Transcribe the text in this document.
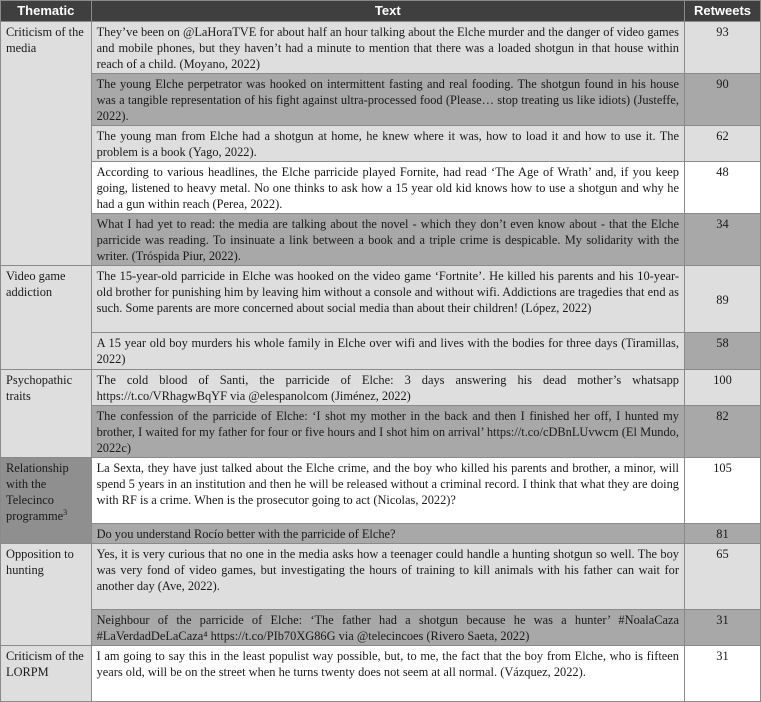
Thematic	Text	Retweets
Criticism of the media	They’ve been on @LaHoraTVE for about half an hour talking about the Elche murder and the danger of video games and mobile phones, but they haven’t had a minute to mention that there was a loaded shotgun in that house within reach of a child. (Moyano, 2022)	93
	The young Elche perpetrator was hooked on intermittent fasting and real fooding. The shotgun found in his house was a tangible representation of his fight against ultra-processed food (Please… stop treating us like idiots) (Justeffe, 2022).	90
	The young man from Elche had a shotgun at home, he knew where it was, how to load it and how to use it. The problem is a book (Yago, 2022).	62
	According to various headlines, the Elche parricide played Fornite, had read ‘The Age of Wrath’ and, if you keep going, listened to heavy metal. No one thinks to ask how a 15 year old kid knows how to use a shotgun and why he had a gun within reach (Perea, 2022).	48
	What I had yet to read: the media are talking about the novel - which they don’t even know about - that the Elche parricide was reading. To insinuate a link between a book and a triple crime is despicable. My solidarity with the writer. (Tróspida Piur, 2022).	34
Video game addiction	The 15-year-old parricide in Elche was hooked on the video game ‘Fortnite’. He killed his parents and his 10-year-old brother for punishing him by leaving him without a console and without wifi. Addictions are tragedies that end as such. Some parents are more concerned about social media than about their children! (López, 2022)	89
	A 15 year old boy murders his whole family in Elche over wifi and lives with the bodies for three days (Tiramillas, 2022)	58
Psychopathic traits	The cold blood of Santi, the parricide of Elche: 3 days answering his dead mother’s whatsapp https://t.co/VRhagwBqYF via @elespanolcom (Jiménez, 2022)	100
	The confession of the parricide of Elche: ‘I shot my mother in the back and then I finished her off, I hunted my brother, I waited for my father for four or five hours and I shot him on arrival’ https://t.co/cDBnLUvwcm (El Mundo, 2022c)	82
Relationship with the Telecinco programme$^3$	La Sexta, they have just talked about the Elche crime, and the boy who killed his parents and brother, a minor, will spend 5 years in an institution and then he will be released without a criminal record. I think that what they are doing with RF is a crime. When is the prosecutor going to act (Nicolas, 2022)?	105
	Do you understand Rocío better with the parricide of Elche?	81
Opposition to hunting	Yes, it is very curious that no one in the media asks how a teenager could handle a hunting shotgun so well. The boy was very fond of video games, but investigating the hours of training to kill animals with his father can wait for another day (Ave, 2022).	65
	Neighbour of the parricide of Elche: ‘The father had a shotgun because he was a hunter’ #NoalaCaza #LaVerdadDeLaCaza⁴ https://t.co/PIb70XG86G via @telecincoes (Rivero Saeta, 2022)	31
Criticism of the LORPM	I am going to say this in the least populist way possible, but, to me, the fact that the boy from Elche, who is fifteen years old, will be on the street when he turns twenty does not seem at all normal. (Vázquez, 2022).	31
